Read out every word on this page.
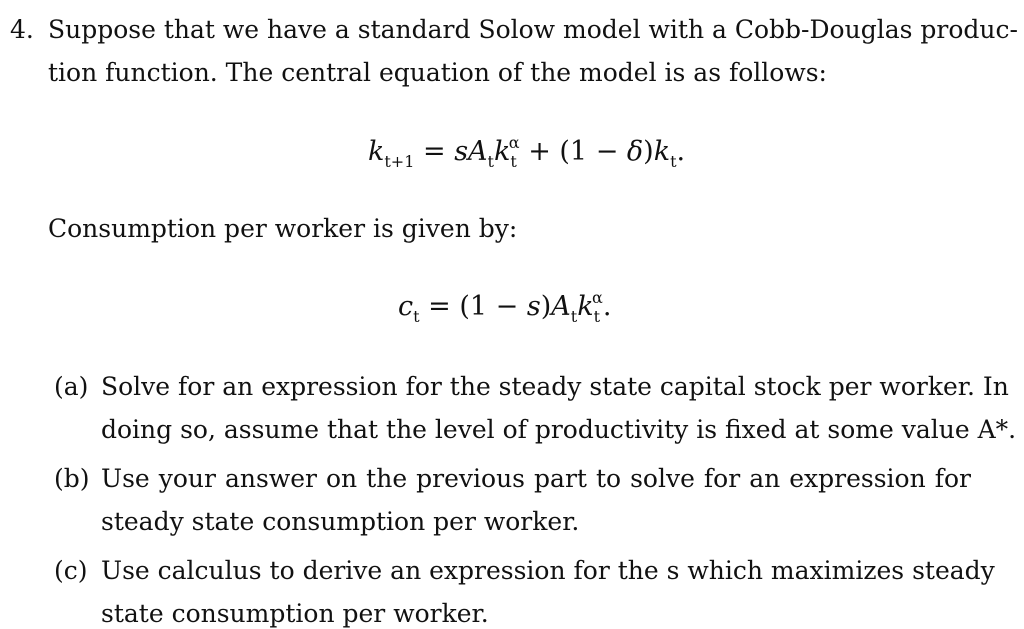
4. Suppose that we have a standard Solow model with a Cobb-Douglas produc-
tion function. The central equation of the model is as follows:
$k_{t+1} = sA_tk_t^\alpha + (1 - \delta)k_t$.
Consumption per worker is given by:
$c_t = (1 - s)A_tk_t^\alpha$.
(a) Solve for an expression for the steady state capital stock per worker. In
doing so, assume that the level of productivity is fixed at some value A*.
(b) Use your answer on the previous part to solve for an expression for
steady state consumption per worker.
(c) Use calculus to derive an expression for the s which maximizes steady
state consumption per worker.
